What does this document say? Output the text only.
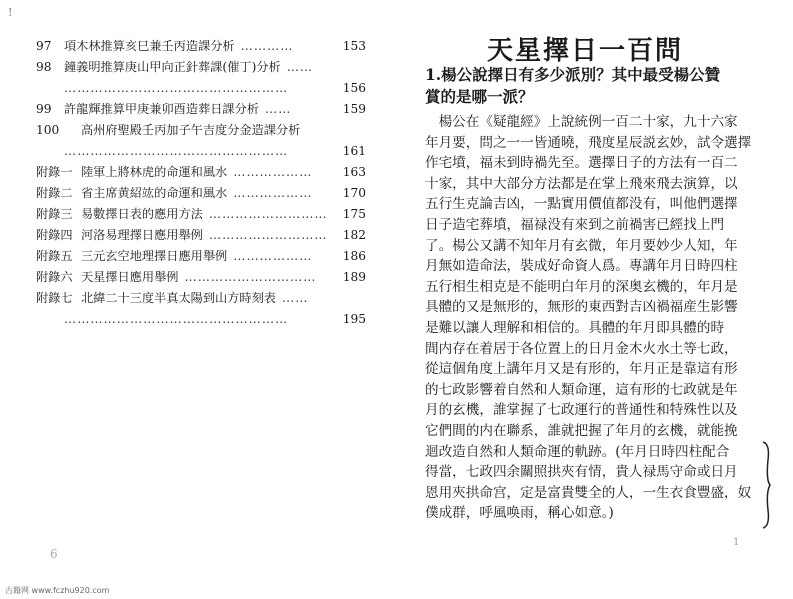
!
97	項木林推算亥巳兼壬丙造課分析 …………	153
98	鐘義明推算庚山甲向正針葬課(催丁)分析 ……
……………………………………………	156
99	許龍輝推算甲庚兼卯酉造葬日課分析 ……	159
100	高州府聖殿壬丙加子午吉度分金造課分析
……………………………………………	161
附錄一 陸軍上將林虎的命運和風水 ………………	163
附錄二 省主席黄紹竑的命運和風水 ………………	170
附錄三 易數擇日表的應用方法 ………………………	175
附錄四 河洛易理擇日應用舉例 ………………………	182
附錄五 三元玄空地理擇日應用舉例 ………………	186
附錄六 天星擇日應用舉例 …………………………	189
附錄七 北緯二十三度半真太陽到山方時刻表 ……
……………………………………………	195
6
古籍网 www.fczhu920.com
天星擇日一百問
1.楊公說擇日有多少派別？其中最受楊公贊
賞的是哪一派？
　楊公在《疑龍經》上說統例一百二十家，九十六家
年月要，問之一一皆通曉，飛度星辰説玄妙，試令選擇
作宅墳，福未到時禍先至。選擇日子的方法有一百二
十家，其中大部分方法都是在掌上飛來飛去演算，以
五行生克論吉凶，一點實用價值都没有，叫他們選擇
日子造宅葬墳，福禄没有來到之前禍害已經找上門
了。楊公又講不知年月有玄微，年月要妙少人知，年
月無如造命法，裝成好命資人爲。專講年月日時四柱
五行相生相克是不能明白年月的深奥玄機的，年月是
具體的又是無形的，無形的東西對吉凶禍福産生影響
是難以讓人理解和相信的。具體的年月即具體的時
間内存在着居于各位置上的日月金木火水土等七政，
從這個角度上講年月又是有形的，年月正是靠這有形
的七政影響着自然和人類命運，這有形的七政就是年
月的玄機，誰掌握了七政運行的普通性和特殊性以及
它們間的内在聯系，誰就把握了年月的玄機，就能挽
迴改造自然和人類命運的軌跡。(年月日時四柱配合
得當，七政四余關照拱夾有情，貴人禄馬守命或日月
恩用夾拱命宫，定是富貴雙全的人，一生衣食豐盛，奴
僕成群，呼風唤雨，稱心如意。)
1
